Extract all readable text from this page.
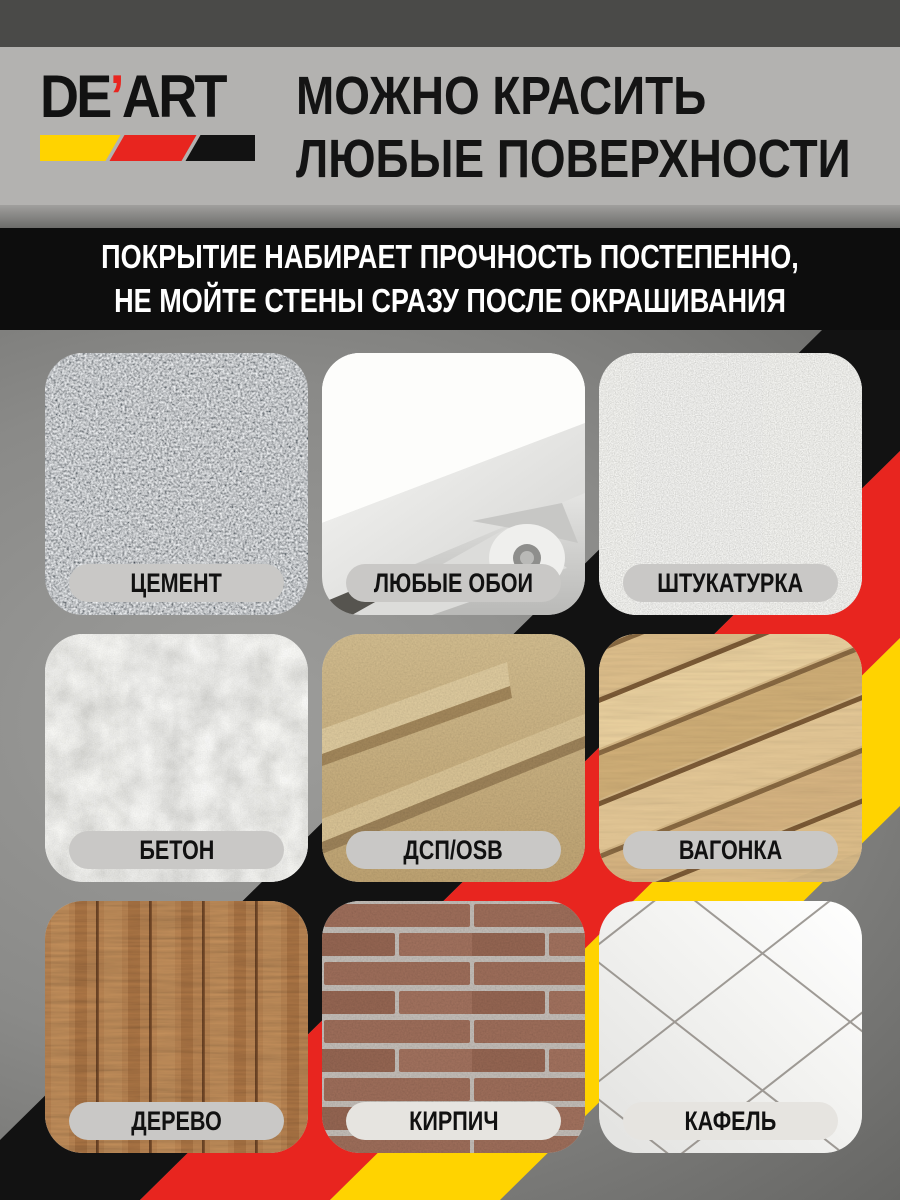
DE’ART	МОЖНО КРАСИТЬ
ЛЮБЫЕ ПОВЕРХНОСТИ
ПОКРЫТИЕ НАБИРАЕТ ПРОЧНОСТЬ ПОСТЕПЕННО,
НЕ МОЙТЕ СТЕНЫ СРАЗУ ПОСЛЕ ОКРАШИВАНИЯ
ЦЕМЕНТ	ЛЮБЫЕ ОБОИ	ШТУКАТУРКА
БЕТОН	ДСП/OSB	ВАГОНКА
ДЕРЕВО	КИРПИЧ	КАФЕЛЬ
